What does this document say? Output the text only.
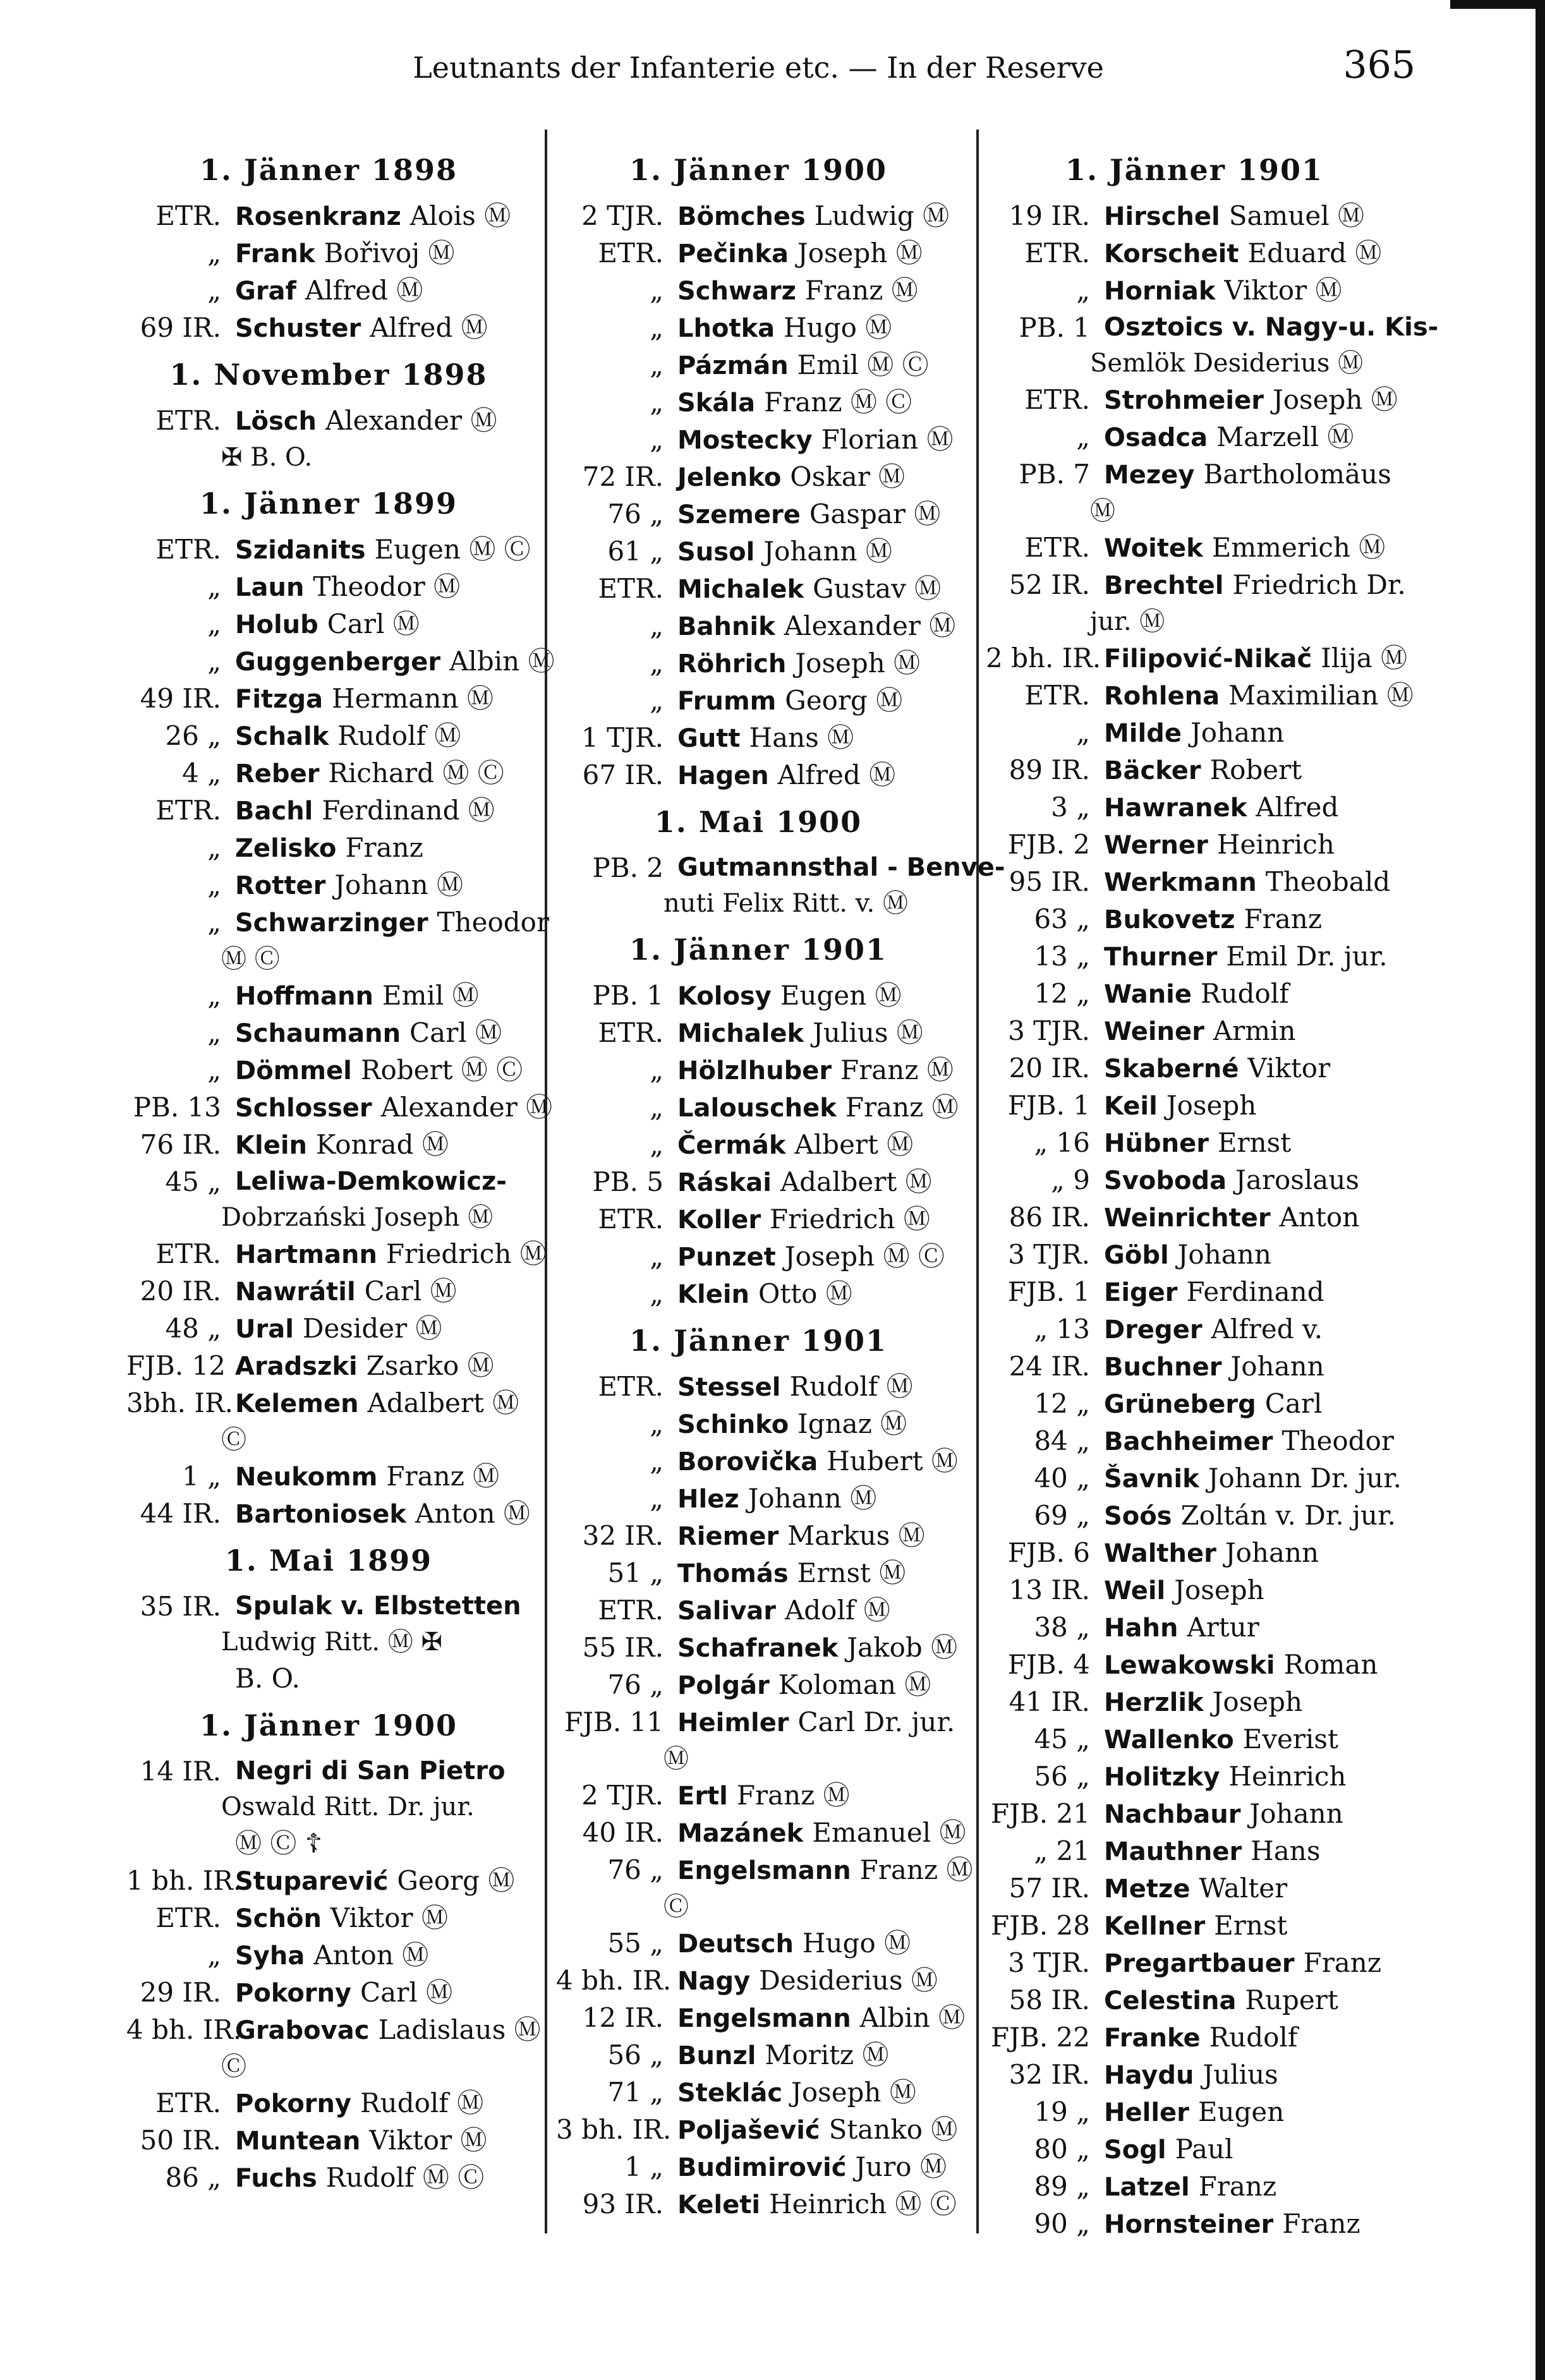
Leutnants der Infanterie etc. — In der Reserve	365
1. Jänner 1898
ETR. Rosenkranz Alois Ⓜ
„ Frank Bořivoj Ⓜ
„ Graf Alfred Ⓜ
69 IR. Schuster Alfred Ⓜ
1. November 1898
ETR. Lösch Alexander Ⓜ
✠ B. O.
1. Jänner 1899
ETR. Szidanits Eugen Ⓜ Ⓒ
„ Laun Theodor Ⓜ
„ Holub Carl Ⓜ
„ Guggenberger Albin Ⓜ
49 IR. Fitzga Hermann Ⓜ
26 „ Schalk Rudolf Ⓜ
4 „ Reber Richard Ⓜ Ⓒ
ETR. Bachl Ferdinand Ⓜ
„ Zelisko Franz
„ Rotter Johann Ⓜ
„ Schwarzinger Theodor
Ⓜ Ⓒ
„ Hoffmann Emil Ⓜ
„ Schaumann Carl Ⓜ
„ Dömmel Robert Ⓜ Ⓒ
PB. 13 Schlosser Alexander Ⓜ
76 IR. Klein Konrad Ⓜ
45 „ Leliwa-Demkowicz-
Dobrzański Joseph Ⓜ
ETR. Hartmann Friedrich Ⓜ
20 IR. Nawrátil Carl Ⓜ
48 „ Ural Desider Ⓜ
FJB. 12 Aradszki Zsarko Ⓜ
3bh. IR. Kelemen Adalbert Ⓜ
Ⓒ
1 „ Neukomm Franz Ⓜ
44 IR. Bartoniosek Anton Ⓜ
1. Mai 1899
35 IR. Spulak v. Elbstetten
Ludwig Ritt. Ⓜ ✠
B. O.
1. Jänner 1900
14 IR. Negri di San Pietro
Oswald Ritt. Dr. jur.
Ⓜ Ⓒ ☦
1 bh. IR.
Stuparević Georg Ⓜ
ETR. Schön Viktor Ⓜ
„ Syha Anton Ⓜ
29 IR. Pokorny Carl Ⓜ
4 bh. IR.
Grabovac Ladislaus Ⓜ
Ⓒ
ETR. Pokorny Rudolf Ⓜ
50 IR. Muntean Viktor Ⓜ
86 „ Fuchs Rudolf Ⓜ Ⓒ
1. Jänner 1900
2 TJR. Bömches Ludwig Ⓜ
ETR. Pečinka Joseph Ⓜ
„ Schwarz Franz Ⓜ
„ Lhotka Hugo Ⓜ
„ Pázmán Emil Ⓜ Ⓒ
„ Skála Franz Ⓜ Ⓒ
„ Mostecky Florian Ⓜ
72 IR. Jelenko Oskar Ⓜ
76 „ Szemere Gaspar Ⓜ
61 „ Susol Johann Ⓜ
ETR. Michalek Gustav Ⓜ
„ Bahnik Alexander Ⓜ
„ Röhrich Joseph Ⓜ
„ Frumm Georg Ⓜ
1 TJR. Gutt Hans Ⓜ
67 IR. Hagen Alfred Ⓜ
1. Mai 1900
PB. 2 Gutmannsthal - Benve-
nuti Felix Ritt. v. Ⓜ
1. Jänner 1901
PB. 1 Kolosy Eugen Ⓜ
ETR. Michalek Julius Ⓜ
„ Hölzlhuber Franz Ⓜ
„ Lalouschek Franz Ⓜ
„ Čermák Albert Ⓜ
PB. 5 Ráskai Adalbert Ⓜ
ETR. Koller Friedrich Ⓜ
„ Punzet Joseph Ⓜ Ⓒ
„ Klein Otto Ⓜ
1. Jänner 1901
ETR. Stessel Rudolf Ⓜ
„ Schinko Ignaz Ⓜ
„ Borovička Hubert Ⓜ
„ Hlez Johann Ⓜ
32 IR. Riemer Markus Ⓜ
51 „ Thomás Ernst Ⓜ
ETR. Salivar Adolf Ⓜ
55 IR. Schafranek Jakob Ⓜ
76 „ Polgár Koloman Ⓜ
FJB. 11 Heimler Carl Dr. jur.
Ⓜ
2 TJR. Ertl Franz Ⓜ
40 IR. Mazánek Emanuel Ⓜ
76 „ Engelsmann Franz Ⓜ
Ⓒ
55 „ Deutsch Hugo Ⓜ
4 bh. IR. Nagy Desiderius Ⓜ
12 IR. Engelsmann Albin Ⓜ
56 „ Bunzl Moritz Ⓜ
71 „ Steklác Joseph Ⓜ
3 bh. IR. Poljašević Stanko Ⓜ
1 „ Budimirović Juro Ⓜ
93 IR. Keleti Heinrich Ⓜ Ⓒ
1. Jänner 1901
19 IR. Hirschel Samuel Ⓜ
ETR. Korscheit Eduard Ⓜ
„ Horniak Viktor Ⓜ
PB. 1 Osztoics v. Nagy-u. Kis-
Semlök Desiderius Ⓜ
ETR. Strohmeier Joseph Ⓜ
„ Osadca Marzell Ⓜ
PB. 7 Mezey Bartholomäus
Ⓜ
ETR. Woitek Emmerich Ⓜ
52 IR. Brechtel Friedrich Dr.
jur. Ⓜ
2 bh. IR. Filipović-Nikač Ilija Ⓜ
ETR. Rohlena Maximilian Ⓜ
„ Milde Johann
89 IR. Bäcker Robert
3 „ Hawranek Alfred
FJB. 2 Werner Heinrich
95 IR. Werkmann Theobald
63 „ Bukovetz Franz
13 „ Thurner Emil Dr. jur.
12 „ Wanie Rudolf
3 TJR. Weiner Armin
20 IR. Skaberné Viktor
FJB. 1 Keil Joseph
„ 16 Hübner Ernst
„ 9 Svoboda Jaroslaus
86 IR. Weinrichter Anton
3 TJR. Göbl Johann
FJB. 1 Eiger Ferdinand
„ 13 Dreger Alfred v.
24 IR. Buchner Johann
12 „ Grüneberg Carl
84 „ Bachheimer Theodor
40 „ Šavnik Johann Dr. jur.
69 „ Soós Zoltán v. Dr. jur.
FJB. 6 Walther Johann
13 IR. Weil Joseph
38 „ Hahn Artur
FJB. 4 Lewakowski Roman
41 IR. Herzlik Joseph
45 „ Wallenko Everist
56 „ Holitzky Heinrich
FJB. 21 Nachbaur Johann
„ 21 Mauthner Hans
57 IR. Metze Walter
FJB. 28 Kellner Ernst
3 TJR. Pregartbauer Franz
58 IR. Celestina Rupert
FJB. 22 Franke Rudolf
32 IR. Haydu Julius
19 „ Heller Eugen
80 „ Sogl Paul
89 „ Latzel Franz
90 „ Hornsteiner Franz
